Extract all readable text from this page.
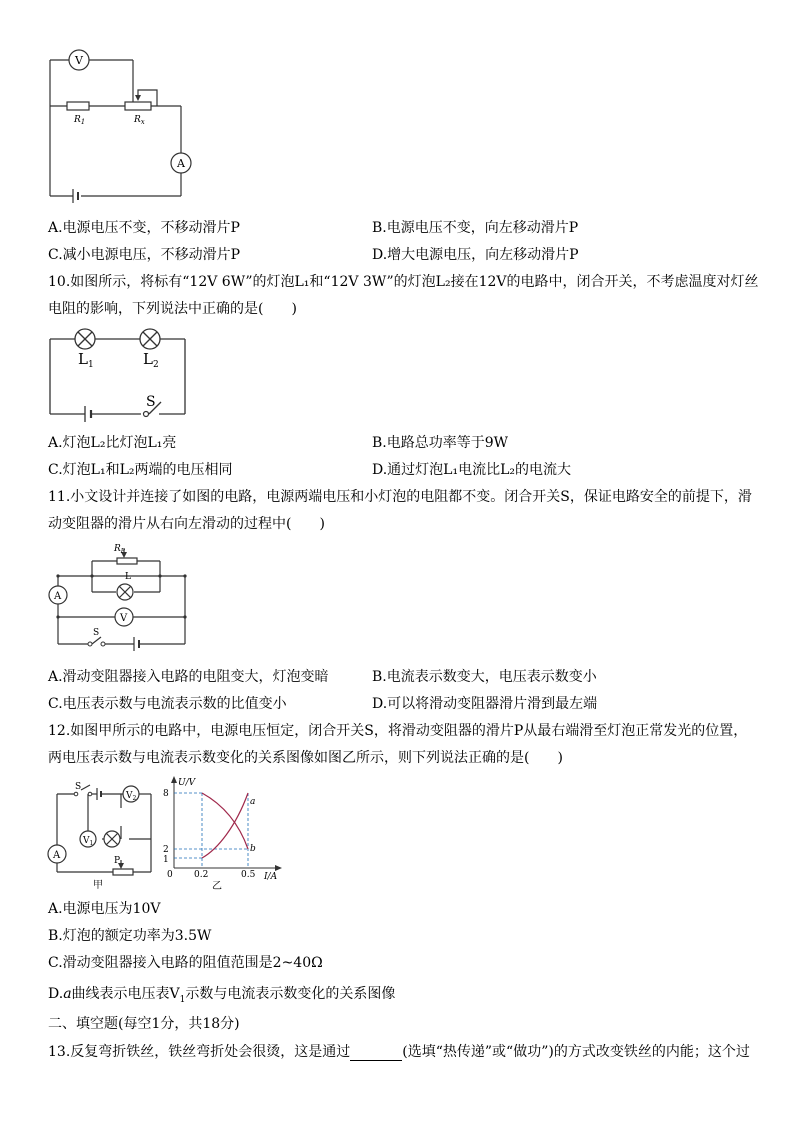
V
A
$R_1$	$R_x$
A.电源电压不变，不移动滑片P	B.电源电压不变，向左移动滑片P
C.减小电源电压，不移动滑片P	D.增大电源电压，向左移动滑片P
10.如图所示，将标有“12V 6W”的灯泡L₁和“12V 3W”的灯泡L₂接在12V的电路中，闭合开关，不考虑温度对灯丝
电阻的影响，下列说法中正确的是(　　)
$L_1$	$L_2$
S
A.灯泡L₂比灯泡L₁亮	B.电路总功率等于9W
C.灯泡L₁和L₂两端的电压相同	D.通过灯泡L₁电流比L₂的电流大
11.小文设计并连接了如图的电路，电源两端电压和小灯泡的电阻都不变。闭合开关S，保证电路安全的前提下，滑
动变阻器的滑片从右向左滑动的过程中(　　)
A
V
$R_P$
L
S
A.滑动变阻器接入电路的电阻变大，灯泡变暗	B.电流表示数变大，电压表示数变小
C.电压表示数与电流表示数的比值变小	D.可以将滑动变阻器滑片滑到最左端
12.如图甲所示的电路中，电源电压恒定，闭合开关S，将滑动变阻器的滑片P从最右端滑至灯泡正常发光的位置，
两电压表示数与电流表示数变化的关系图像如图乙所示，则下列说法正确的是(　　)
$V_2$
$V_1$
A
S
P
甲
U/V
8
2
1
0 0.2	0.5 I/A
a
b
乙
A.电源电压为10V
B.灯泡的额定功率为3.5W
C.滑动变阻器接入电路的阻值范围是2~40Ω
D.a曲线表示电压表$V_1$示数与电流表示数变化的关系图像
二、填空题(每空1分，共18分)
13.反复弯折铁丝，铁丝弯折处会很烫，这是通过	(选填“热传递”或“做功”)的方式改变铁丝的内能；这个过
